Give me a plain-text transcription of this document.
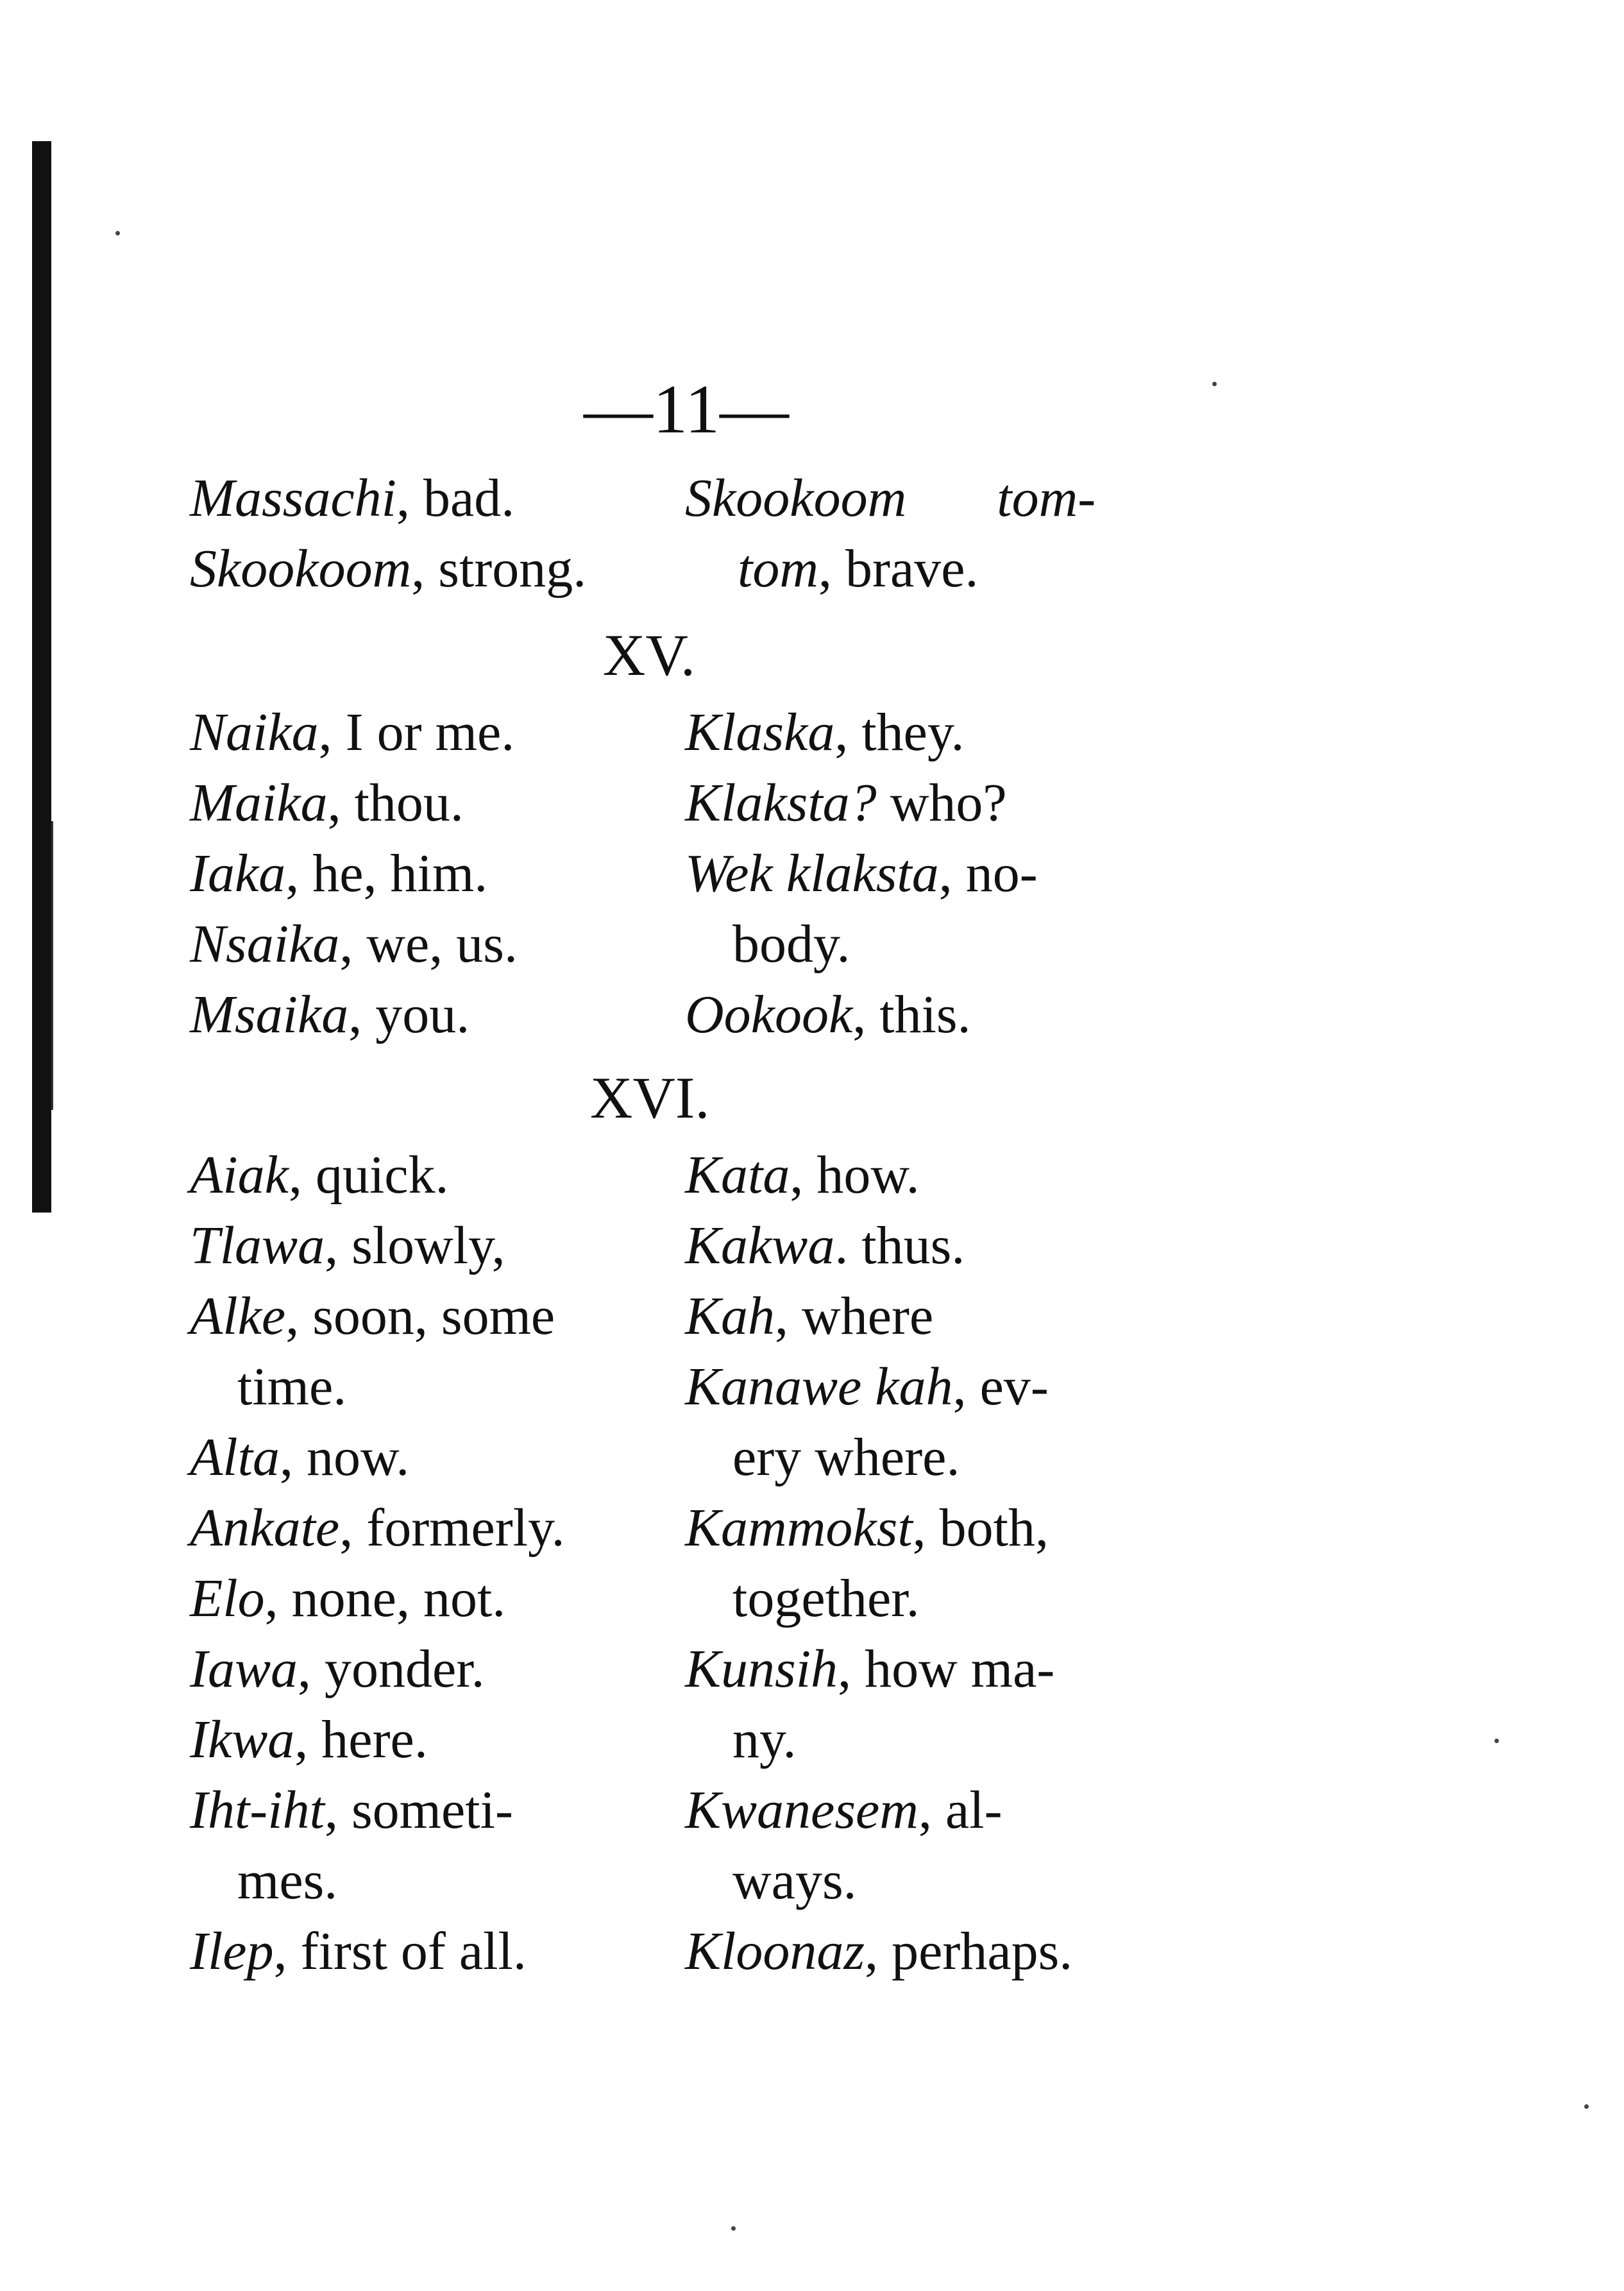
—11—
Massachi, bad.
Skookoom, strong.
Skookoom tom-
tom, brave.
XV.
Naika, I or me.
Maika, thou.
Iaka, he, him.
Nsaika, we, us.
Msaika, you.
Klaska, they.
Klaksta? who?
Wek klaksta, no-
body.
Ookook, this.
XVI.
Aiak, quick.
Tlawa, slowly,
Alke, soon, some
time.
Alta, now.
Ankate, formerly.
Elo, none, not.
Iawa, yonder.
Ikwa, here.
Iht-iht, someti-
mes.
Ilep, first of all.
Kata, how.
Kakwa. thus.
Kah, where
Kanawe kah, ev-
ery where.
Kammokst, both,
together.
Kunsih, how ma-
ny.
Kwanesem, al-
ways.
Kloonaz, perhaps.
